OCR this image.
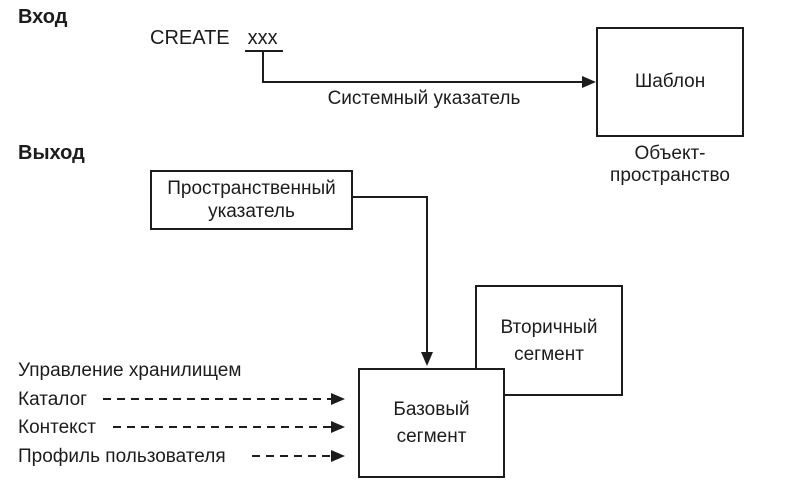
Вход
Выход
CREATE xxx
Системный указатель
Шаблон
Объект-
пространство
Пространственный
указатель
Вторичный
сегмент
Базовый
сегмент
Управление хранилищем
Каталог
Контекст
Профиль пользователя
